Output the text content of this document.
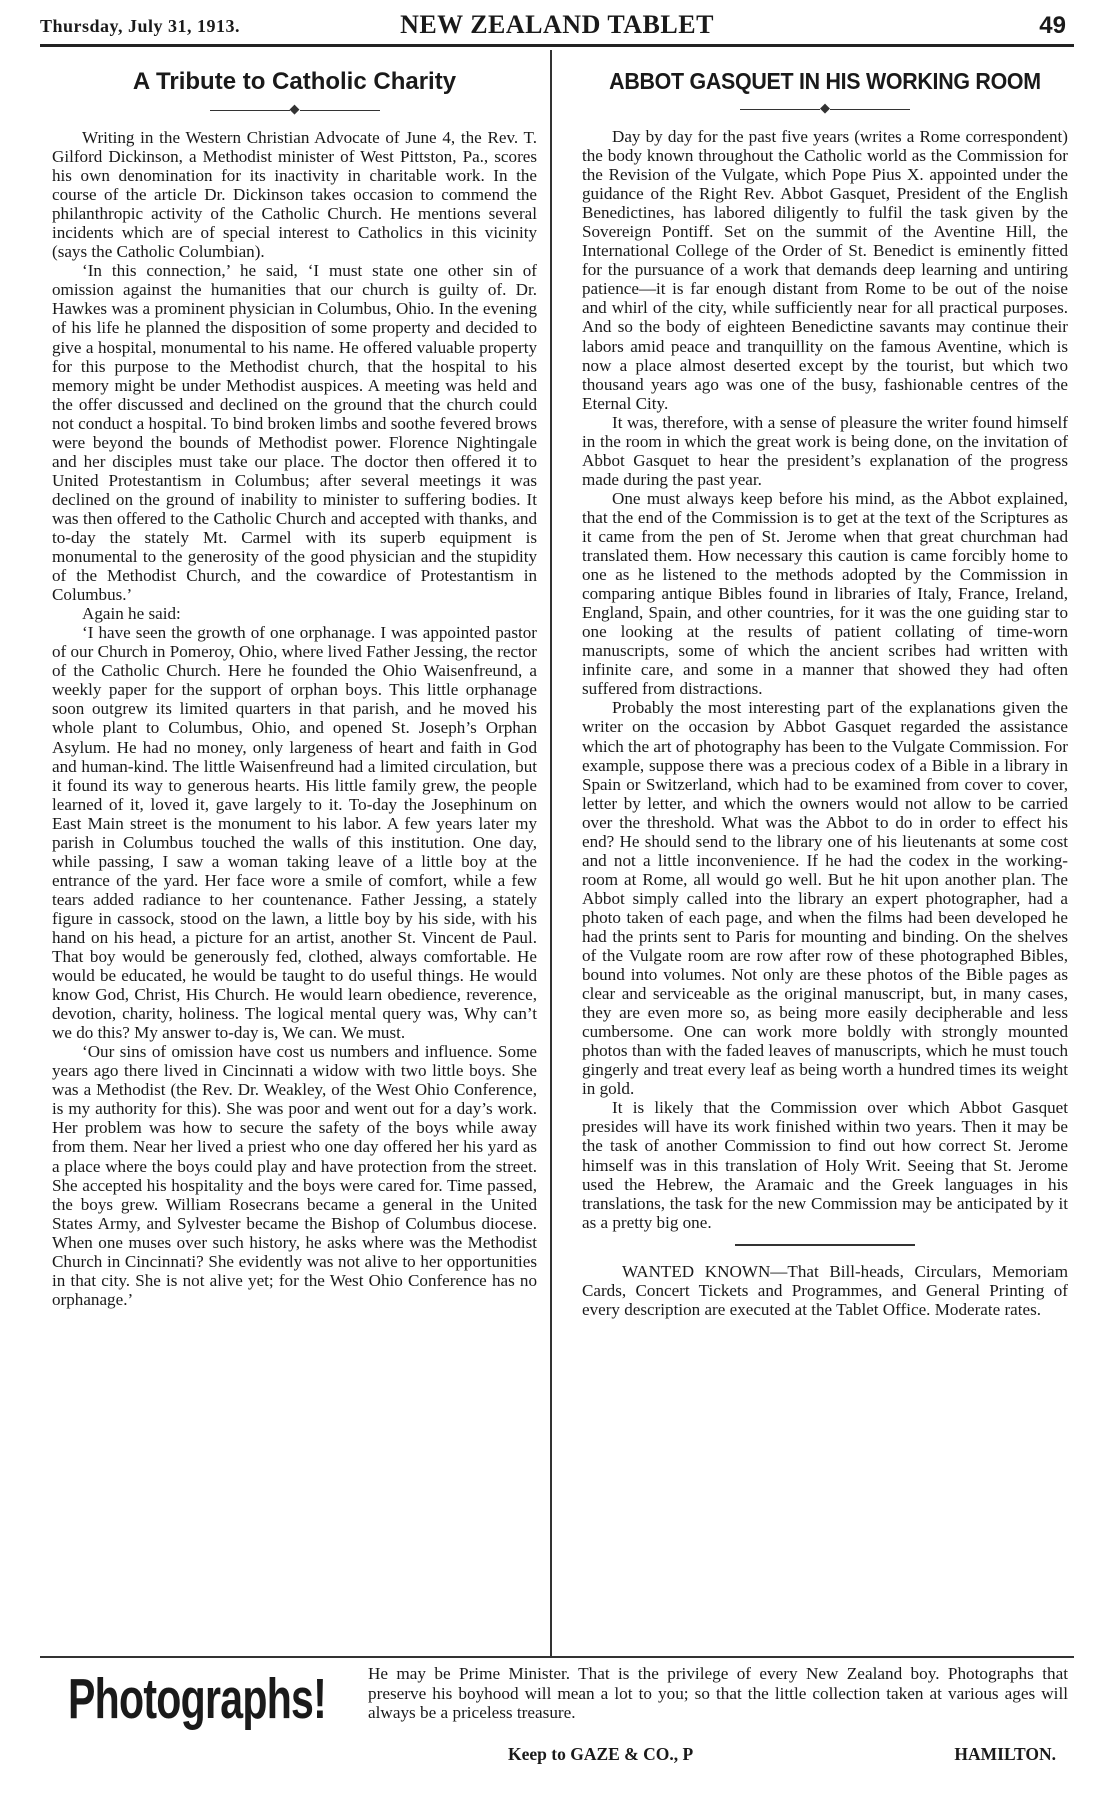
Thursday, July 31, 1913.	NEW ZEALAND TABLET	49
A Tribute to Catholic Charity
◆

Writing in the Western Christian Advocate of June 4, the Rev. T. Gilford Dickinson, a Methodist minister of West Pittston, Pa., scores his own denomination for its inactivity in charitable work. In the course of the article Dr. Dickinson takes occasion to commend the philanthropic activity of the Catholic Church. He mentions several incidents which are of special interest to Catholics in this vicinity (says the Catholic Columbian).

‘In this connection,’ he said, ‘I must state one other sin of omission against the humanities that our church is guilty of. Dr. Hawkes was a prominent physician in Columbus, Ohio. In the evening of his life he planned the disposition of some property and decided to give a hospital, monumental to his name. He offered valuable property for this purpose to the Methodist church, that the hospital to his memory might be under Methodist auspices. A meeting was held and the offer discussed and declined on the ground that the church could not conduct a hospital. To bind broken limbs and soothe fevered brows were beyond the bounds of Methodist power. Florence Nightingale and her disciples must take our place. The doctor then offered it to United Protestantism in Columbus; after several meetings it was declined on the ground of inability to minister to suffering bodies. It was then offered to the Catholic Church and accepted with thanks, and to-day the stately Mt. Carmel with its superb equipment is monumental to the generosity of the good physician and the stupidity of the Methodist Church, and the cowardice of Protestantism in Columbus.’

Again he said:

‘I have seen the growth of one orphanage. I was appointed pastor of our Church in Pomeroy, Ohio, where lived Father Jessing, the rector of the Catholic Church. Here he founded the Ohio Waisenfreund, a weekly paper for the support of orphan boys. This little orphanage soon outgrew its limited quarters in that parish, and he moved his whole plant to Columbus, Ohio, and opened St. Joseph’s Orphan Asylum. He had no money, only largeness of heart and faith in God and human-kind. The little Waisenfreund had a limited circulation, but it found its way to generous hearts. His little family grew, the people learned of it, loved it, gave largely to it. To-day the Josephinum on East Main street is the monument to his labor. A few years later my parish in Columbus touched the walls of this institution. One day, while passing, I saw a woman taking leave of a little boy at the entrance of the yard. Her face wore a smile of comfort, while a few tears added radiance to her countenance. Father Jessing, a stately figure in cassock, stood on the lawn, a little boy by his side, with his hand on his head, a picture for an artist, another St. Vincent de Paul. That boy would be generously fed, clothed, always comfortable. He would be educated, he would be taught to do useful things. He would know God, Christ, His Church. He would learn obedience, reverence, devotion, charity, holiness. The logical mental query was, Why can’t we do this? My answer to-day is, We can. We must.

‘Our sins of omission have cost us numbers and influence. Some years ago there lived in Cincinnati a widow with two little boys. She was a Methodist (the Rev. Dr. Weakley, of the West Ohio Conference, is my authority for this). She was poor and went out for a day’s work. Her problem was how to secure the safety of the boys while away from them. Near her lived a priest who one day offered her his yard as a place where the boys could play and have protection from the street. She accepted his hospitality and the boys were cared for. Time passed, the boys grew. William Rosecrans became a general in the United States Army, and Sylvester became the Bishop of Columbus diocese. When one muses over such history, he asks where was the Methodist Church in Cincinnati? She evidently was not alive to her opportunities in that city. She is not alive yet; for the West Ohio Conference has no orphanage.’

ABBOT GASQUET IN HIS WORKING ROOM
◆

Day by day for the past five years (writes a Rome correspondent) the body known throughout the Catholic world as the Commission for the Revision of the Vulgate, which Pope Pius X. appointed under the guidance of the Right Rev. Abbot Gasquet, President of the English Benedictines, has labored diligently to fulfil the task given by the Sovereign Pontiff. Set on the summit of the Aventine Hill, the International College of the Order of St. Benedict is eminently fitted for the pursuance of a work that demands deep learning and untiring patience—it is far enough distant from Rome to be out of the noise and whirl of the city, while sufficiently near for all practical purposes. And so the body of eighteen Benedictine savants may continue their labors amid peace and tranquillity on the famous Aventine, which is now a place almost deserted except by the tourist, but which two thousand years ago was one of the busy, fashionable centres of the Eternal City.

It was, therefore, with a sense of pleasure the writer found himself in the room in which the great work is being done, on the invitation of Abbot Gasquet to hear the president’s explanation of the progress made during the past year.

One must always keep before his mind, as the Abbot explained, that the end of the Commission is to get at the text of the Scriptures as it came from the pen of St. Jerome when that great churchman had translated them. How necessary this caution is came forcibly home to one as he listened to the methods adopted by the Commission in comparing antique Bibles found in libraries of Italy, France, Ireland, England, Spain, and other countries, for it was the one guiding star to one looking at the results of patient collating of time-worn manuscripts, some of which the ancient scribes had written with infinite care, and some in a manner that showed they had often suffered from distractions.

Probably the most interesting part of the explanations given the writer on the occasion by Abbot Gasquet regarded the assistance which the art of photography has been to the Vulgate Commission. For example, suppose there was a precious codex of a Bible in a library in Spain or Switzerland, which had to be examined from cover to cover, letter by letter, and which the owners would not allow to be carried over the threshold. What was the Abbot to do in order to effect his end? He should send to the library one of his lieutenants at some cost and not a little inconvenience. If he had the codex in the working-room at Rome, all would go well. But he hit upon another plan. The Abbot simply called into the library an expert photographer, had a photo taken of each page, and when the films had been developed he had the prints sent to Paris for mounting and binding. On the shelves of the Vulgate room are row after row of these photographed Bibles, bound into volumes. Not only are these photos of the Bible pages as clear and serviceable as the original manuscript, but, in many cases, they are even more so, as being more easily decipherable and less cumbersome. One can work more boldly with strongly mounted photos than with the faded leaves of manuscripts, which he must touch gingerly and treat every leaf as being worth a hundred times its weight in gold.

It is likely that the Commission over which Abbot Gasquet presides will have its work finished within two years. Then it may be the task of another Commission to find out how correct St. Jerome himself was in this translation of Holy Writ. Seeing that St. Jerome used the Hebrew, the Aramaic and the Greek languages in his translations, the task for the new Commission may be anticipated by it as a pretty big one.

WANTED KNOWN—That Bill-heads, Circulars, Memoriam Cards, Concert Tickets and Programmes, and General Printing of every description are executed at the Tablet Office. Moderate rates.

Photographs! He may be Prime Minister. That is the privilege of every New Zealand boy. Photographs that preserve his boyhood will mean a lot to you; so that the little collection taken at various ages will always be a priceless treasure.
Keep to GAZE & CO., P	HAMILTON.
